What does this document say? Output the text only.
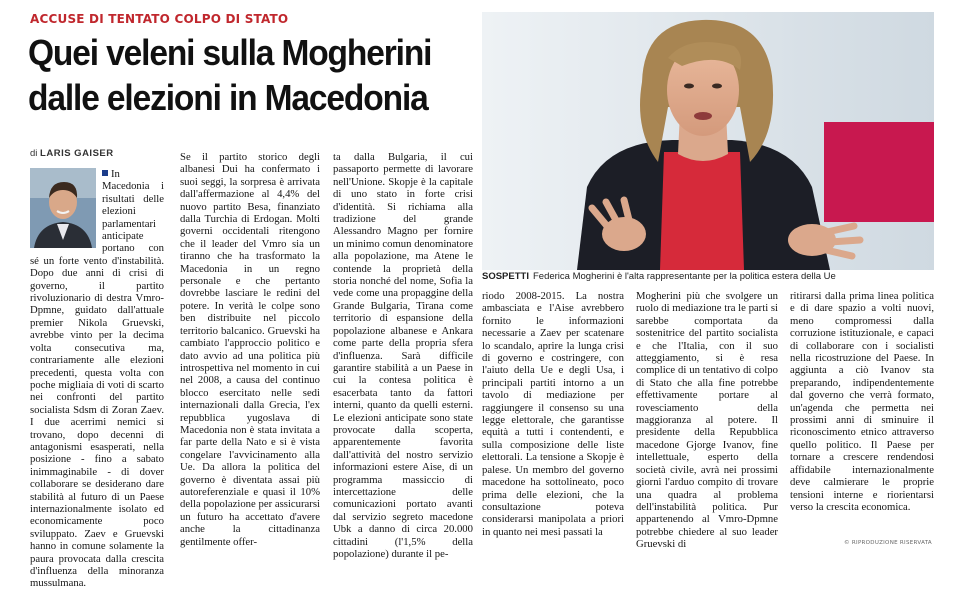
ACCUSE DI TENTATO COLPO DI STATO
Quei veleni sulla Mogherini dalle elezioni in Macedonia
di LARIS GAISER
SOSPETTI Federica Mogherini è l'alta rappresentante per la politica estera della Ue

In Macedonia i risultati delle elezioni parlamentari anticipate portano con sé un forte vento d'instabilità. Dopo due anni di crisi di governo, il partito rivoluzionario di destra Vmro-Dpmne, guidato dall'attuale premier Nikola Gruevski, avrebbe vinto per la decima volta consecutiva ma, contrariamente alle elezioni precedenti, questa volta con poche migliaia di voti di scarto nei confronti del partito socialista Sdsm di Zoran Zaev. I due acerrimi nemici si trovano, dopo decenni di antagonismi esasperati, nella posizione - fino a sabato inimmaginabile - di dover collaborare se desiderano dare stabilità al futuro di un Paese internazionalmente isolato ed economicamente poco sviluppato. Zaev e Gruevski hanno in comune solamente la paura provocata dalla crescita d'influenza della minoranza mussulmana.

Se il partito storico degli albanesi Dui ha confermato i suoi seggi, la sorpresa è arrivata dall'affermazione al 4,4% del nuovo partito Besa, finanziato dalla Turchia di Erdogan. Molti governi occidentali ritengono che il leader del Vmro sia un tiranno che ha trasformato la Macedonia in un regno personale e che pertanto dovrebbe lasciare le redini del potere. In verità le colpe sono ben distribuite nel piccolo territorio balcanico. Gruevski ha cambiato l'approccio politico e dato avvio ad una politica più introspettiva nel momento in cui nel 2008, a causa del continuo blocco esercitato nelle sedi internazionali dalla Grecia, l'ex repubblica yugoslava di Macedonia non è stata invitata a far parte della Nato e si è vista congelare l'avvicinamento alla Ue. Da allora la politica del governo è diventata assai più autoreferenziale e quasi il 10% della popolazione per assicurarsi un futuro ha accettato d'avere anche la cittadinanza gentilmente offer-

ta dalla Bulgaria, il cui passaporto permette di lavorare nell'Unione. Skopje è la capitale di uno stato in forte crisi d'identità. Si richiama alla tradizione del grande Alessandro Magno per fornire un minimo comun denominatore alla popolazione, ma Atene le contende la proprietà della storia nonché del nome, Sofia la vede come una propaggine della Grande Bulgaria, Tirana come territorio di espansione della popolazione albanese e Ankara come parte della propria sfera d'influenza. Sarà difficile garantire stabilità a un Paese in cui la contesa politica è esacerbata tanto da fattori interni, quanto da quelli esterni. Le elezioni anticipate sono state provocate dalla scoperta, apparentemente favorita dall'attività del nostro servizio informazioni estere Aise, di un programma massiccio di intercettazione delle comunicazioni portato avanti dal servizio segreto macedone Ubk a danno di circa 20.000 cittadini (l'1,5% della popolazione) durante il pe-

riodo 2008-2015. La nostra ambasciata e l'Aise avrebbero fornito le informazioni necessarie a Zaev per scatenare lo scandalo, aprire la lunga crisi di governo e costringere, con l'aiuto della Ue e degli Usa, i principali partiti intorno a un tavolo di mediazione per raggiungere il consenso su una legge elettorale, che garantisse equità a tutti i contendenti, e sulla composizione delle liste elettorali. La tensione a Skopje è palese. Un membro del governo macedone ha sottolineato, poco prima delle elezioni, che la consultazione poteva considerarsi manipolata a priori in quanto nei mesi passati la

Mogherini più che svolgere un ruolo di mediazione tra le parti si sarebbe comportata da sostenitrice del partito socialista e che l'Italia, con il suo atteggiamento, si è resa complice di un tentativo di colpo di Stato che alla fine potrebbe effettivamente portare al rovesciamento della maggioranza al potere. Il presidente della Repubblica macedone Gjorge Ivanov, fine intellettuale, esperto della società civile, avrà nei prossimi giorni l'arduo compito di trovare una quadra al problema dell'instabilità politica. Pur appartenendo al Vmro-Dpmne potrebbe chiedere al suo leader Gruevski di

ritirarsi dalla prima linea politica e di dare spazio a volti nuovi, meno compromessi dalla corruzione istituzionale, e capaci di collaborare con i socialisti nella ricostruzione del Paese. In aggiunta a ciò Ivanov sta preparando, indipendentemente dal governo che verrà formato, un'agenda che permetta nei prossimi anni di sminuire il riconoscimento etnico attraverso quello politico. Il Paese per tornare a crescere rendendosi affidabile internazionalmente deve calmierare le proprie tensioni interne e riorientarsi verso la crescita economica.

© RIPRODUZIONE RISERVATA
